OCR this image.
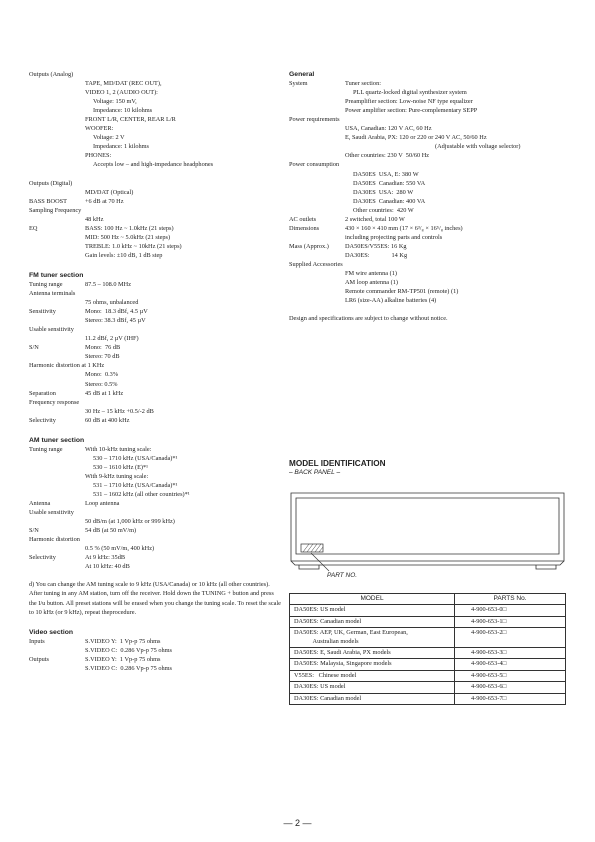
Outputs (Analog)
TAPE, MD/DAT (REC OUT),
VIDEO 1, 2 (AUDIO OUT):
Voltage: 150 mV,
Impedance: 10 kilohms
FRONT L/R, CENTER, REAR L/R
WOOFER:
Voltage: 2 V
Impedance: 1 kilohms
PHONES:
Accepts low – and high-impedance headphones
Outputs (Digital)
MD/DAT (Optical)
BASS BOOST	+6 dB at 70 Hz
Sampling Frequency
48 kHz
EQ	BASS: 100 Hz ~ 1.0kHz (21 steps)
MID: 500 Hz ~ 5.0kHz (21 steps)
TREBLE: 1.0 kHz ~ 10kHz (21 steps)
Gain levels: ±10 dB, 1 dB step
FM tuner section
Tuning range	87.5 – 108.0 MHz
Antenna terminals
75 ohms, unbalanced
Sensitivity	Mono:  18.3 dBf, 4.5 µV
Stereo: 38.3 dBf, 45 µV
Usable sensitivity
11.2 dBf, 2 µV (IHF)
S/N	Mono:  76 dB
Stereo: 70 dB
Harmonic distortion at 1 KHz
Mono:  0.3%
Stereo: 0.5%
Separation	45 dB at 1 kHz
Frequency response
30 Hz – 15 kHz +0.5/-2 dB
Selectivity	60 dB at 400 kHz
AM tuner section
Tuning range	With 10-kHz tuning scale:
530 – 1710 kHz (USA/Canada)*¹
530 – 1610 kHz (E)*¹
With 9-kHz tuning scale:
531 – 1710 kHz (USA/Canada)*¹
531 – 1602 kHz (all other countries)*¹
Antenna	Loop antenna
Usable sensitivity
50 dB/m (at 1,000 kHz or 999 kHz)
S/N	54 dB (at 50 mV/m)
Harmonic distortion
0.5 % (50 mV/m, 400 kHz)
Selectivity	At 9 kHz: 35dB
At 10 kHz: 40 dB
d) You can change the AM tuning scale to 9 kHz (USA/Canada) or 10 kHz (all other countries). After tuning in any AM station, turn off the receiver. Hold down the TUNING + button and press the I/u button. All preset stations will be erased when you change the tuning scale. To reset the scale to 10 kHz (or 9 kHz), repeat theprocedure.
Video section
Inputs	S.VIDEO Y:  1 Vp-p 75 ohms
S.VIDEO C:  0.286 Vp-p 75 ohms
Outputs	S.VIDEO Y:  1 Vp-p 75 ohms
S.VIDEO C:  0.286 Vp-p 75 ohms
General
System	Tuner section:
PLL quartz-locked digital synthesizer system
Preamplifier section: Low-noise NF type equalizer
Power amplifier section: Pure-complementary SEPP
Power requirements
USA, Canadian: 120 V AC, 60 Hz
E, Saudi Arabia, PX: 120 or 220 or 240 V AC, 50/60 Hz
(Adjustable with voltage selector)
Other countries: 230 V  50/60 Hz
Power consumption
DA50ES  USA, E: 380 W
DA50ES  Canadian: 550 VA
DA30ES  USA:  280 W
DA30ES  Canadian: 400 VA
Other countries:  420 W
AC outlets	2 switched, total 100 W
Dimensions	430 × 160 × 410 mm (17 × 6³/₈ × 16⁵/₈ inches)
including projecting parts and controls
Mass (Approx.)	DA50ES/V55ES: 16 Kg
DA30ES:              14 Kg
Supplied Accessories
FM wire antenna (1)
AM loop antenna (1)
Remote commander RM-TP501 (remote) (1)
LR6 (size-AA) alkaline batteries (4)
Design and specifications are subject to change without notice.
MODEL IDENTIFICATION
– BACK PANEL –
PART NO.
MODEL	PARTS No.
DA50ES: US model	4-900-653-0□
DA50ES: Canadian model	4-900-653-1□
DA50ES: AEP, UK, German, East European,
Australian models	4-900-653-2□
DA50ES: E, Saudi Arabia, PX models	4-900-653-3□
DA50ES: Malaysia, Singapore models	4-900-653-4□
V55ES:   Chinese model	4-900-653-5□
DA30ES: US model	4-900-653-6□
DA30ES: Canadian model	4-900-653-7□
— 2 —
